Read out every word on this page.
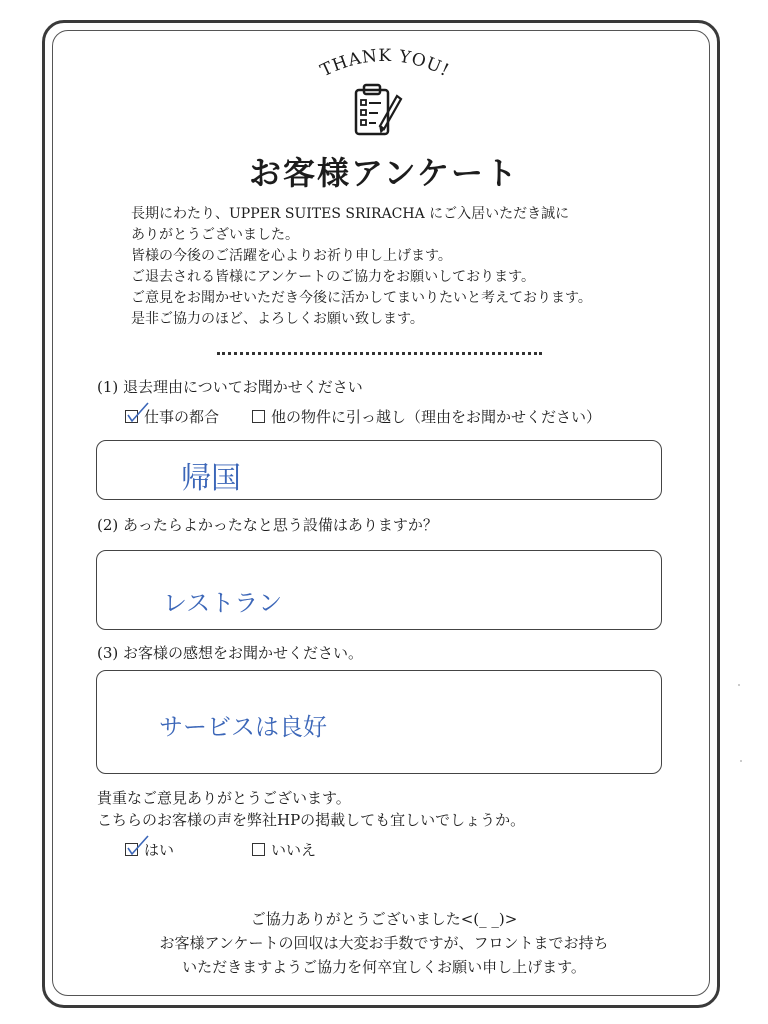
THANK YOU!
お客様アンケート
長期にわたり、UPPER SUITES SRIRACHA にご入居いただき誠に
ありがとうございました。
皆様の今後のご活躍を心よりお祈り申し上げます。
ご退去される皆様にアンケートのご協力をお願いしております。
ご意見をお聞かせいただき今後に活かしてまいりたいと考えております。
是非ご協力のほど、よろしくお願い致します。
(1) 退去理由についてお聞かせください
仕事の都合	他の物件に引っ越し（理由をお聞かせください）
帰国
(2) あったらよかったなと思う設備はありますか？
レストラン
(3) お客様の感想をお聞かせください。
サービスは良好
貴重なご意見ありがとうございます。
こちらのお客様の声を弊社HPの掲載しても宜しいでしょうか。
はい	いいえ
ご協力ありがとうございました<(_ _)>
お客様アンケートの回収は大変お手数ですが、フロントまでお持ち
いただきますようご協力を何卒宜しくお願い申し上げます。
